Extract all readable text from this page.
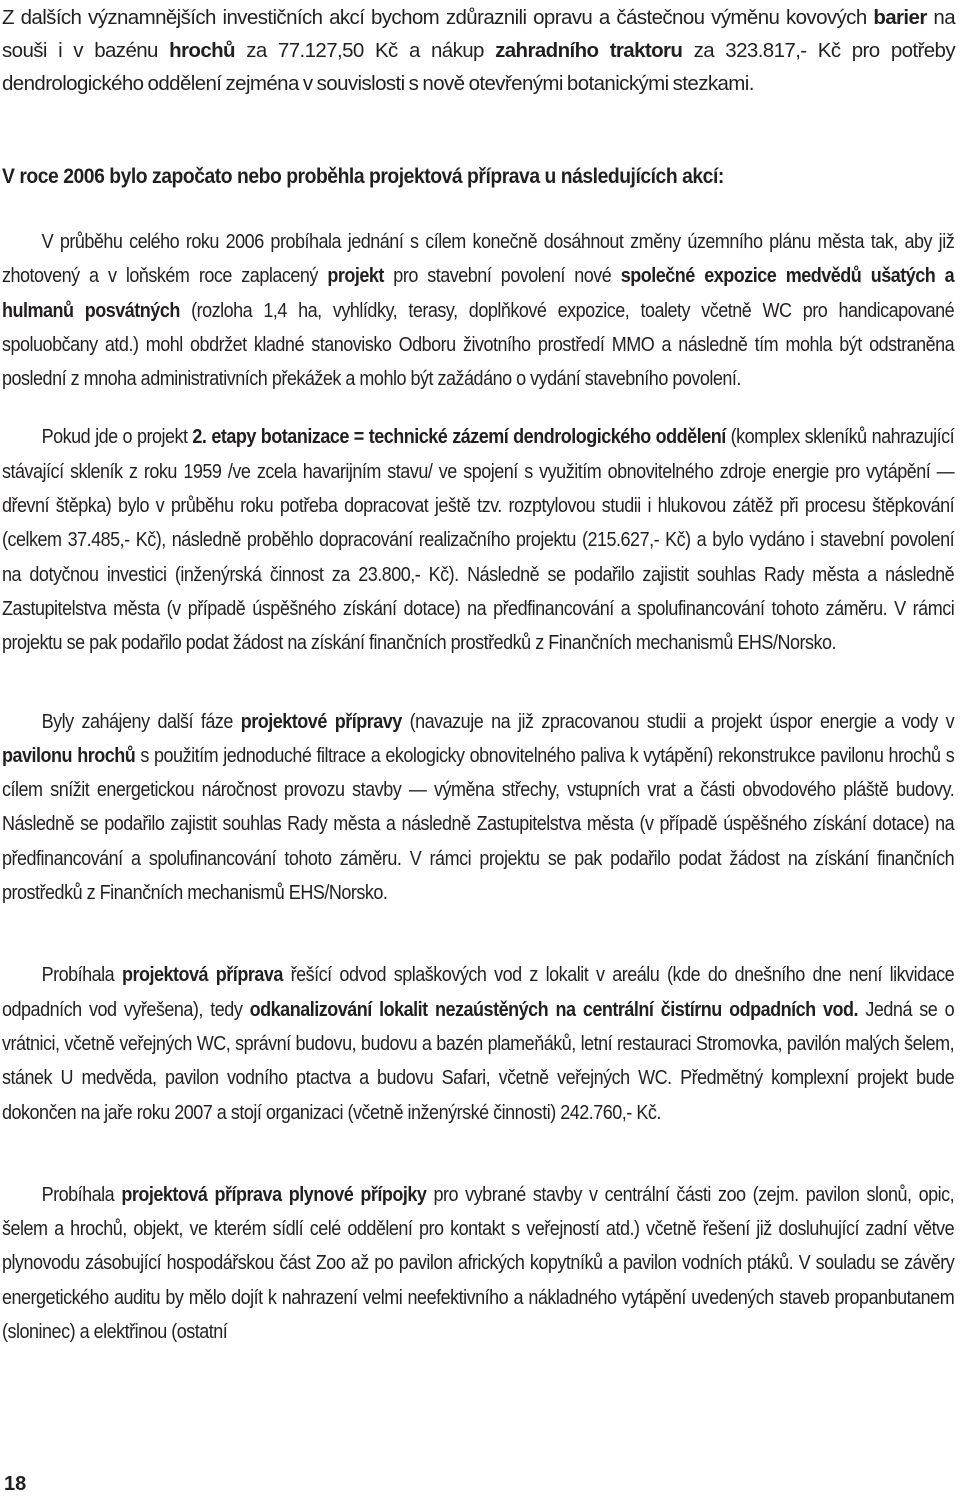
Z dalších významnějších investičních akcí bychom zdůraznili opravu a částečnou výměnu kovových barier na souši i v bazénu hrochů za 77.127,50 Kč a nákup zahradního traktoru za 323.817,- Kč pro potřeby dendrologického oddělení zejména v souvislosti s nově otevřenými botanickými stezkami.

V roce 2006 bylo započato nebo proběhla projektová příprava u následujících akcí:

V průběhu celého roku 2006 probíhala jednání s cílem konečně dosáhnout změny územního plánu města tak, aby již zhotovený a v loňském roce zaplacený projekt pro stavební povolení nové společné expozice medvědů ušatých a hulmanů posvátných (rozloha 1,4 ha, vyhlídky, terasy, doplňkové expozice, toalety včetně WC pro handicapované spoluobčany atd.) mohl obdržet kladné stanovisko Odboru životního prostředí MMO a následně tím mohla být odstraněna poslední z mnoha administrativních překážek a mohlo být zažádáno o vydání stavebního povolení.

Pokud jde o projekt 2. etapy botanizace = technické zázemí dendrologického oddělení (komplex skleníků nahrazující stávající skleník z roku 1959 /ve zcela havarijním stavu/ ve spojení s využitím obnovitelného zdroje energie pro vytápění — dřevní štěpka) bylo v průběhu roku potřeba dopracovat ještě tzv. rozptylovou studii i hlukovou zátěž při procesu štěpkování (celkem 37.485,- Kč), následně proběhlo dopracování realizačního projektu (215.627,- Kč) a bylo vydáno i stavební povolení na dotyčnou investici (inženýrská činnost za 23.800,- Kč). Následně se podařilo zajistit souhlas Rady města a následně Zastupitelstva města (v případě úspěšného získání dotace) na předfinancování a spolufinancování tohoto záměru. V rámci projektu se pak podařilo podat žádost na získání finančních prostředků z Finančních mechanismů EHS/Norsko.

Byly zahájeny další fáze projektové přípravy (navazuje na již zpracovanou studii a projekt úspor energie a vody v pavilonu hrochů s použitím jednoduché filtrace a ekologicky obnovitelného paliva k vytápění) rekonstrukce pavilonu hrochů s cílem snížit energetickou náročnost provozu stavby — výměna střechy, vstupních vrat a části obvodového pláště budovy. Následně se podařilo zajistit souhlas Rady města a následně Zastupitelstva města (v případě úspěšného získání dotace) na předfinancování a spolufinancování tohoto záměru. V rámci projektu se pak podařilo podat žádost na získání finančních prostředků z Finančních mechanismů EHS/Norsko.

Probíhala projektová příprava řešící odvod splaškových vod z lokalit v areálu (kde do dnešního dne není likvidace odpadních vod vyřešena), tedy odkanalizování lokalit nezaústěných na centrální čistírnu odpadních vod. Jedná se o vrátnici, včetně veřejných WC, správní budovu, budovu a bazén plameňáků, letní restauraci Stromovka, pavilón malých šelem, stánek U medvěda, pavilon vodního ptactva a budovu Safari, včetně veřejných WC. Předmětný komplexní projekt bude dokončen na jaře roku 2007 a stojí organizaci (včetně inženýrské činnosti) 242.760,- Kč.

Probíhala projektová příprava plynové přípojky pro vybrané stavby v centrální části zoo (zejm. pavilon slonů, opic, šelem a hrochů, objekt, ve kterém sídlí celé oddělení pro kontakt s veřejností atd.) včetně řešení již dosluhující zadní větve plynovodu zásobující hospodářskou část Zoo až po pavilon afrických kopytníků a pavilon vodních ptáků. V souladu se závěry energetického auditu by mělo dojít k nahrazení velmi neefektivního a nákladného vytápění uvedených staveb propanbutanem (sloninec) a elektřinou (ostatní

18
